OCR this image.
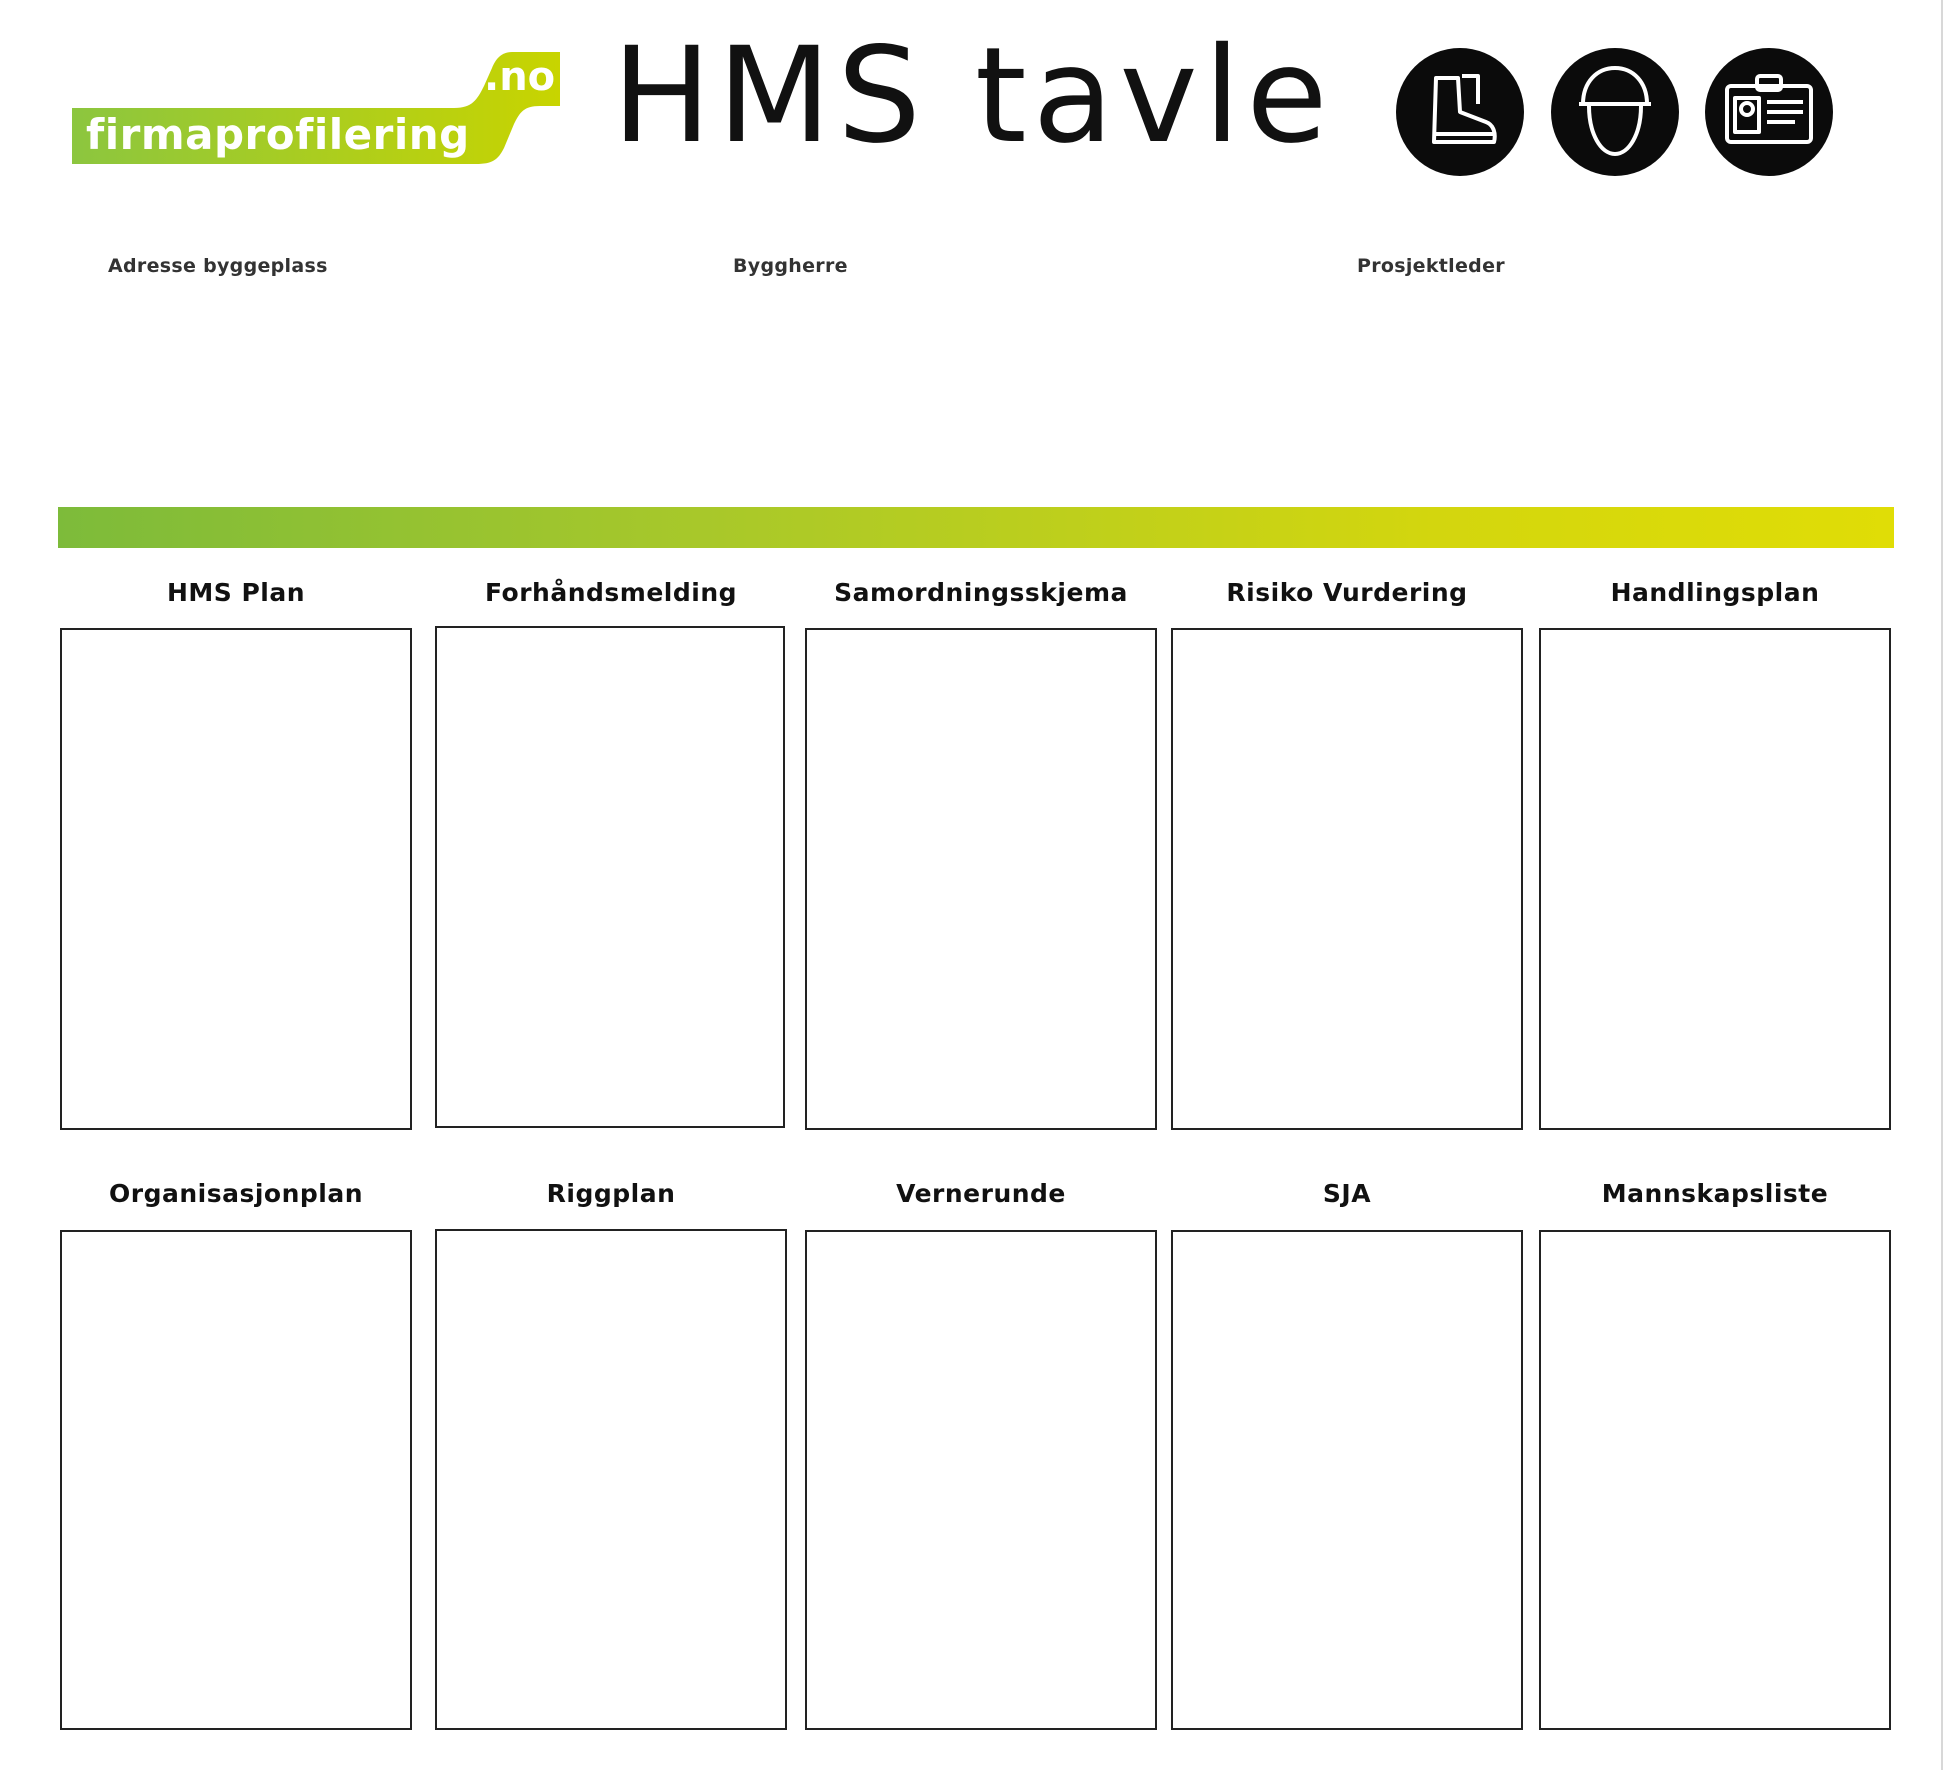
firmaprofilering
.no HMS tavle
Adresse byggeplass	Byggherre	Prosjektleder
HMS Plan	Forhåndsmelding	Samordningsskjema	Risiko Vurdering	Handlingsplan
Organisasjonplan	Riggplan	Vernerunde	SJA	Mannskapsliste
